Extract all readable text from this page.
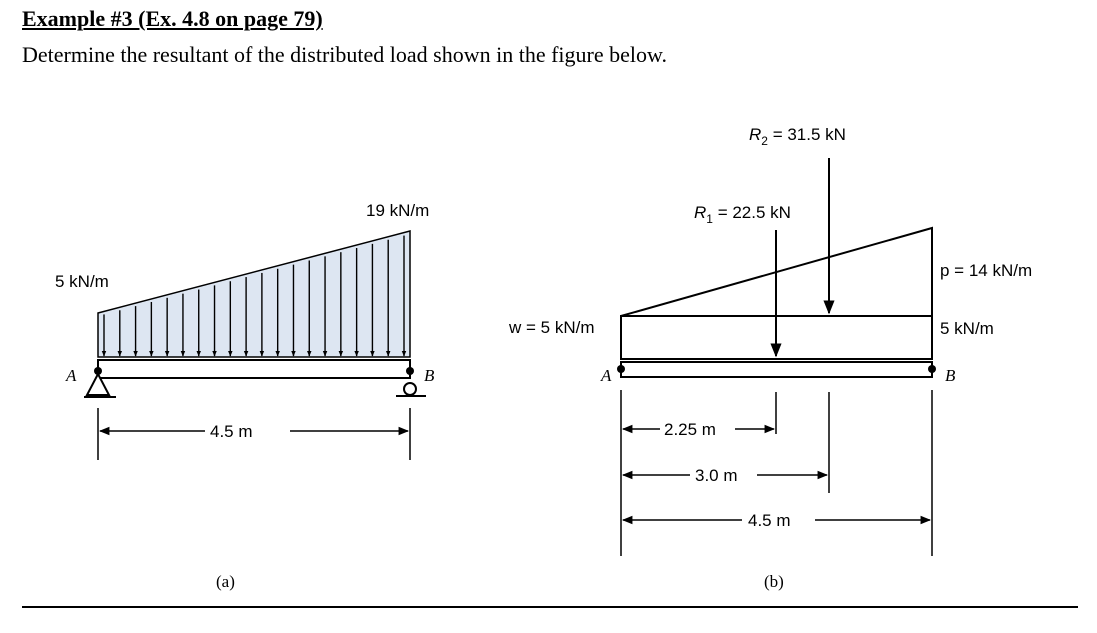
Example #3 (Ex. 4.8 on page 79)
Determine the resultant of the distributed load shown in the figure below.
5 kN/m
19 kN/m
A	B
4.5 m
(a)
$R_2 = 31.5$ kN
$R_1 = 22.5$ kN
w = 5 kN/m
p = 14 kN/m
5 kN/m
A	B
2.25 m
3.0 m
4.5 m
(b)
